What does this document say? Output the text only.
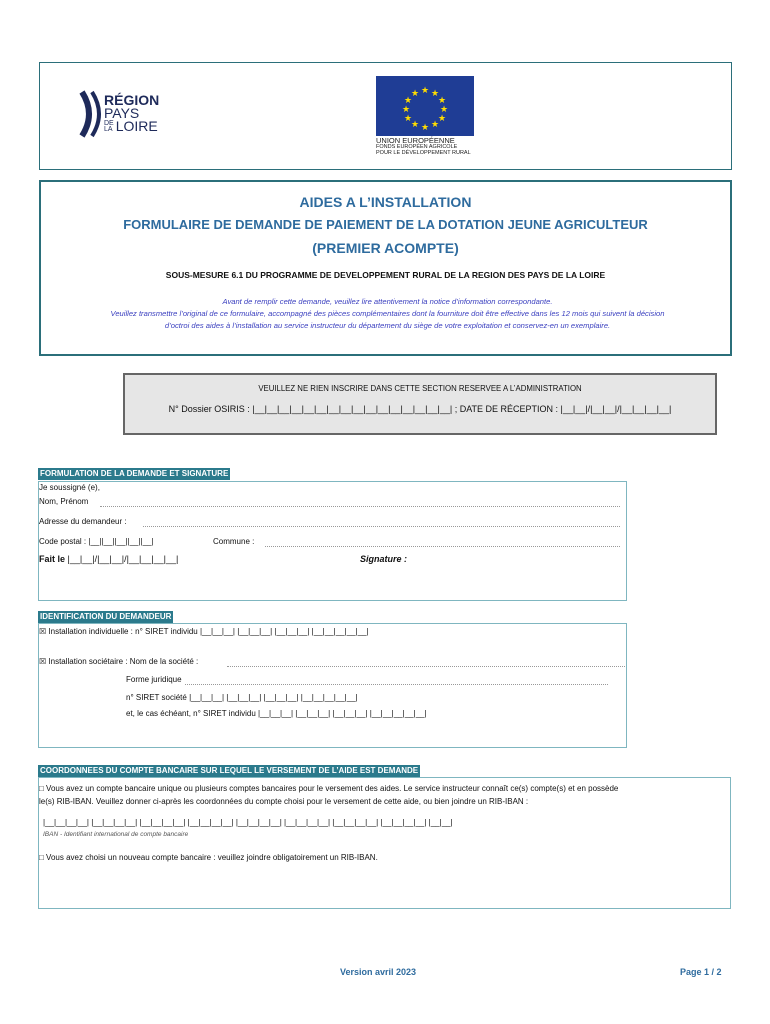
RÉGION
PAYS
DE
LA LOIRE
★ ★
★
★
★
★
★
★
★
★
★
★
UNION EUROPÉENNE
FONDS EUROPÉEN AGRICOLE
POUR LE DÉVELOPPEMENT RURAL
AIDES A L’INSTALLATION
FORMULAIRE DE DEMANDE DE PAIEMENT DE LA DOTATION JEUNE AGRICULTEUR
(PREMIER ACOMPTE)
SOUS-MESURE 6.1 DU PROGRAMME DE DEVELOPPEMENT RURAL DE LA REGION DES PAYS DE LA LOIRE
Avant de remplir cette demande, veuillez lire attentivement la notice d’information correspondante.
Veuillez transmettre l’original de ce formulaire, accompagné des pièces complémentaires dont la fourniture doit être effective dans les 12 mois qui suivent la décision
d’octroi des aides à l’installation au service instructeur du département du siège de votre exploitation et conservez-en un exemplaire.
VEUILLEZ NE RIEN INSCRIRE DANS CETTE SECTION RESERVEE A L’ADMINISTRATION
N° Dossier OSIRIS : |__|__|__|__|__|__|__|__|__|__|__|__|__|__|__|__| ; DATE DE RÉCEPTION : |__|__|/|__|__|/|__|__|__|__|
FORMULATION DE LA DEMANDE ET SIGNATURE
Je soussigné (e),
Nom, Prénom
Adresse du demandeur :
Code postal : |__||__||__||__||__|	Commune :
Fait le |__|__|/|__|__|/|__|__|__|__|	Signature :
IDENTIFICATION DU DEMANDEUR
☒ Installation individuelle : n° SIRET individu |__|__|__| |__|__|__| |__|__|__| |__|__|__|__|__|
☒ Installation sociétaire : Nom de la société :
Forme juridique
n° SIRET société |__|__|__| |__|__|__| |__|__|__| |__|__|__|__|__|
et, le cas échéant, n° SIRET individu |__|__|__| |__|__|__| |__|__|__| |__|__|__|__|__|
COORDONNEES DU COMPTE BANCAIRE SUR LEQUEL LE VERSEMENT DE L’AIDE EST DEMANDE
□ Vous avez un compte bancaire unique ou plusieurs comptes bancaires pour le versement des aides. Le service instructeur connaît ce(s) compte(s) et en possède
le(s) RIB-IBAN. Veuillez donner ci-après les coordonnées du compte choisi pour le versement de cette aide, ou bien joindre un RIB-IBAN :
|__|__|__|__| |__|__|__|__| |__|__|__|__| |__|__|__|__| |__|__|__|__| |__|__|__|__| |__|__|__|__| |__|__|__|__| |__|__|
IBAN - Identifiant international de compte bancaire
□ Vous avez choisi un nouveau compte bancaire : veuillez joindre obligatoirement un RIB-IBAN.
Version avril 2023	Page 1 / 2
